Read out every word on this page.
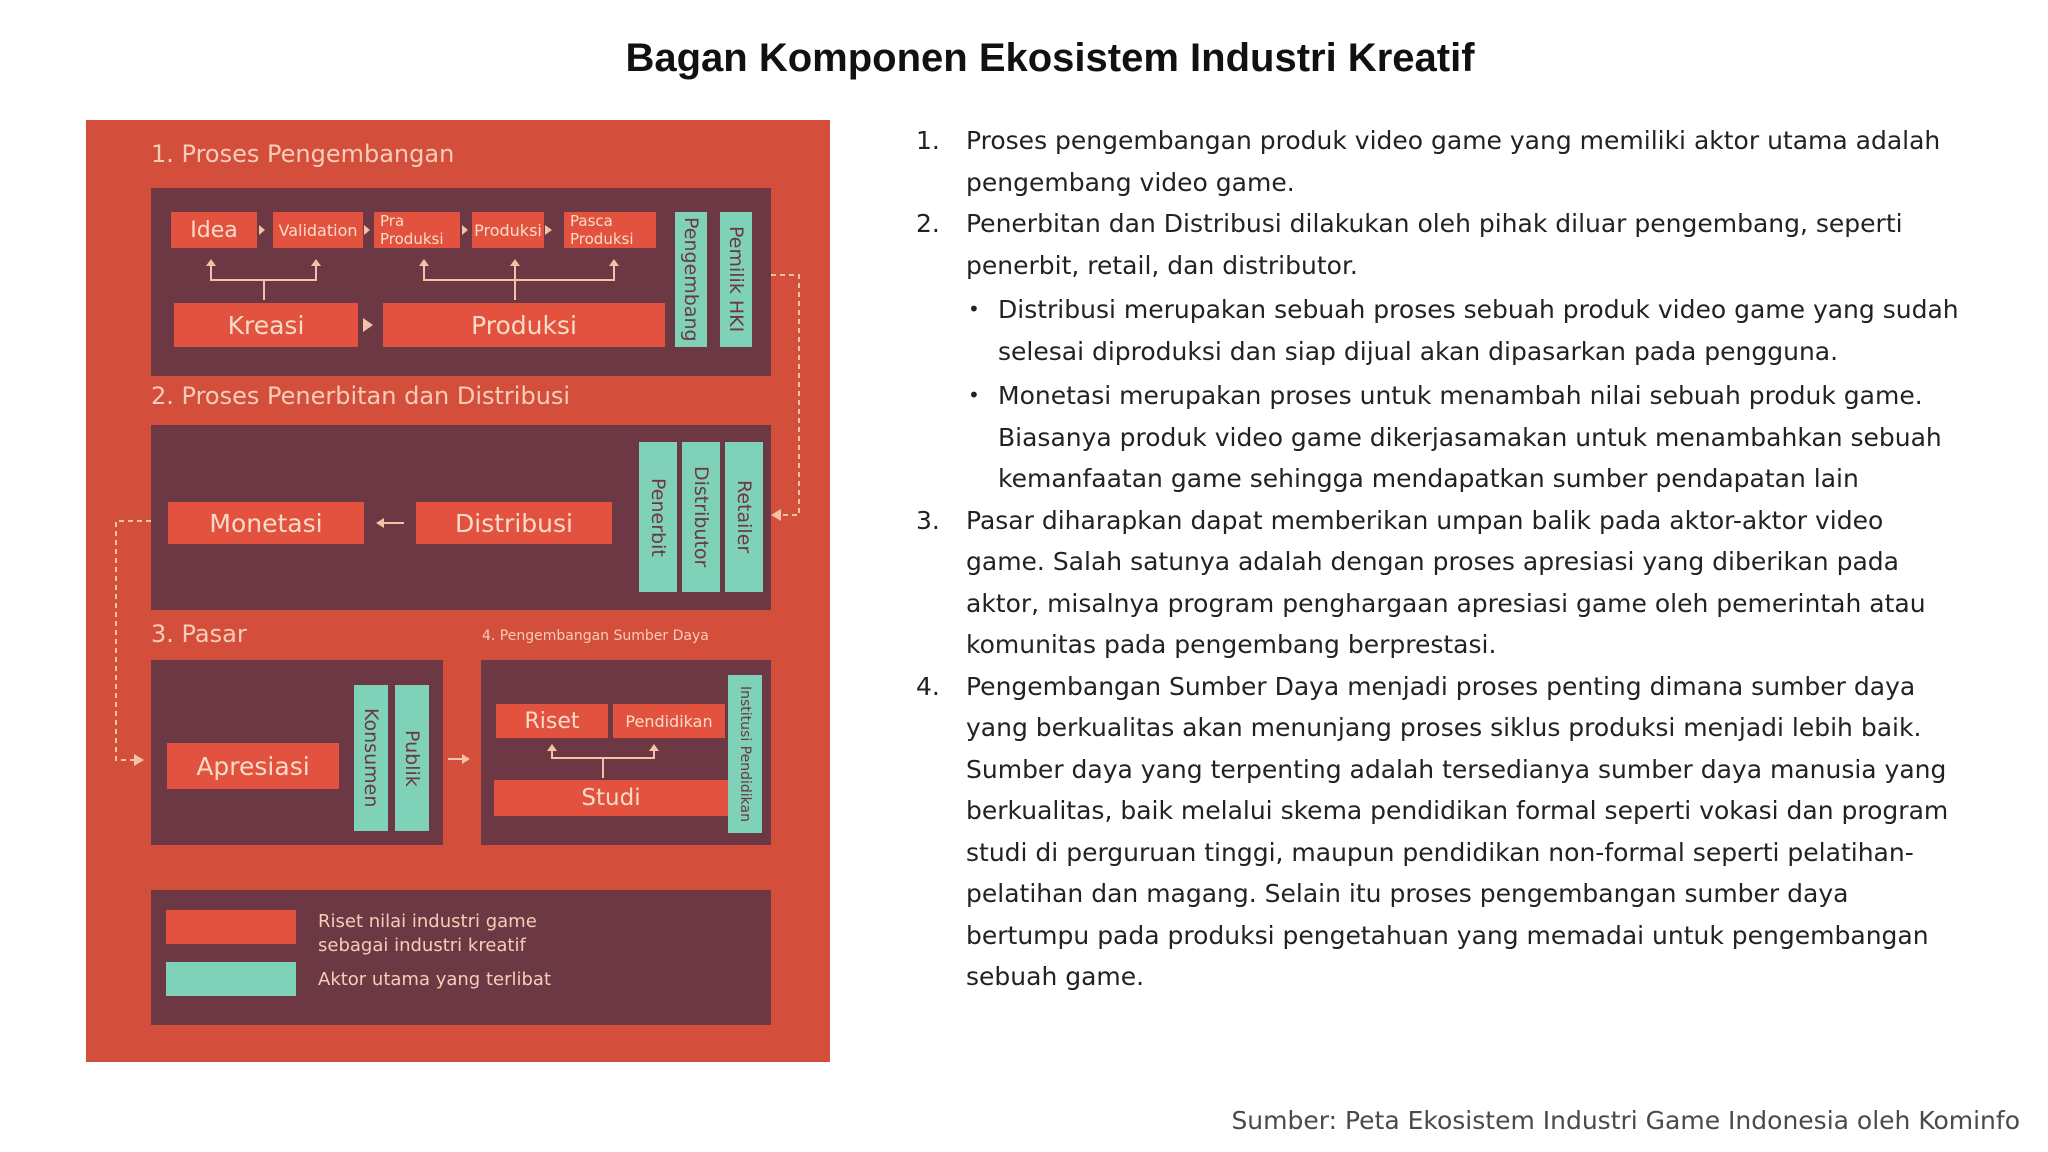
Bagan Komponen Ekosistem Industri Kreatif
1. Proses Pengembangan
Idea	Validation	Pra Produksi	Produksi	Pasca Produksi
Kreasi	Produksi	Pengembang Pemilik HKI
2. Proses Penerbitan dan Distribusi
Monetasi	Distribusi	Penerbit	Distributor	Retailer
3. Pasar
Apresiasi	Konsumen	Publik
4. Pengembangan Sumber Daya
Riset	Pendidikan
Studi	Institusi Pendidikan
Riset nilai industri game sebagai industri kreatif
Aktor utama yang terlibat
1. Proses pengembangan produk video game yang memiliki aktor utama adalah pengembang video game.
2. Penerbitan dan Distribusi dilakukan oleh pihak diluar pengembang, seperti penerbit, retail, dan distributor.
• Distribusi merupakan sebuah proses sebuah produk video game yang sudah selesai diproduksi dan siap dijual akan dipasarkan pada pengguna.
• Monetasi merupakan proses untuk menambah nilai sebuah produk game. Biasanya produk video game dikerjasamakan untuk menambahkan sebuah kemanfaatan game sehingga mendapatkan sumber pendapatan lain
3. Pasar diharapkan dapat memberikan umpan balik pada aktor-aktor video game. Salah satunya adalah dengan proses apresiasi yang diberikan pada aktor, misalnya program penghargaan apresiasi game oleh pemerintah atau komunitas pada pengembang berprestasi.
4. Pengembangan Sumber Daya menjadi proses penting dimana sumber daya yang berkualitas akan menunjang proses siklus produksi menjadi lebih baik. Sumber daya yang terpenting adalah tersedianya sumber daya manusia yang berkualitas, baik melalui skema pendidikan formal seperti vokasi dan program studi di perguruan tinggi, maupun pendidikan non-formal seperti pelatihan-pelatihan dan magang. Selain itu proses pengembangan sumber daya bertumpu pada produksi pengetahuan yang memadai untuk pengembangan sebuah game.
Sumber: Peta Ekosistem Industri Game Indonesia oleh Kominfo
